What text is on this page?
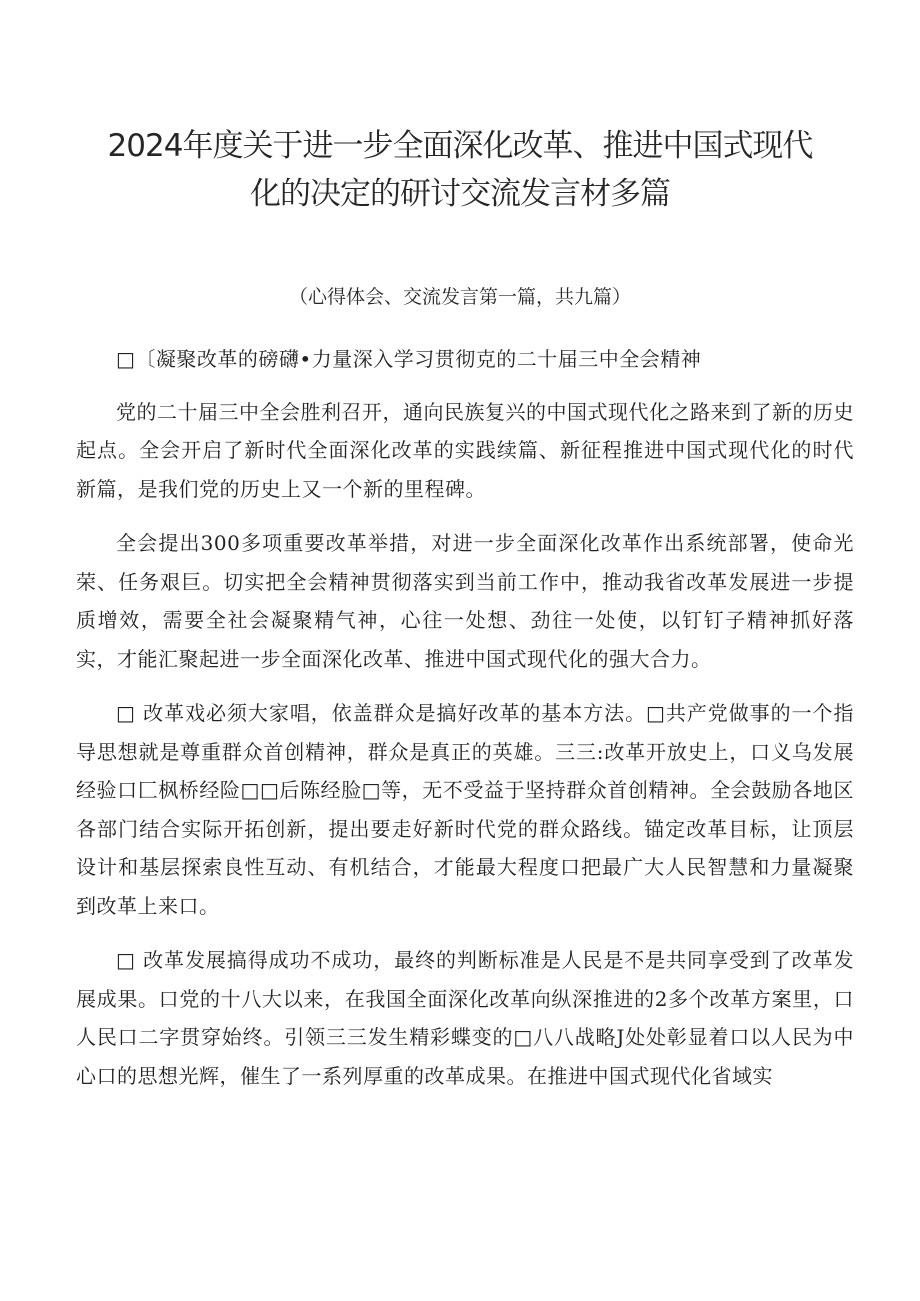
2024年度关于进一步全面深化改革、推进中国式现代
化的决定的研讨交流发言材多篇

（心得体会、交流发言第一篇，共九篇）

□〔凝聚改革的磅礴•力量深入学习贯彻克的二十届三中全会精神

党的二十届三中全会胜利召开，通向民族复兴的中国式现代化之路来到了新的历史起点。全会开启了新时代全面深化改革的实践续篇、新征程推进中国式现代化的时代新篇，是我们党的历史上又一个新的里程碑。

全会提出300多项重要改革举措，对进一步全面深化改革作出系统部署，使命光荣、任务艰巨。切实把全会精神贯彻落实到当前工作中，推动我省改革发展进一步提质增效，需要全社会凝聚精气神，心往一处想、劲往一处使，以钉钉子精神抓好落实，才能汇聚起进一步全面深化改革、推进中国式现代化的强大合力。

□ 改革戏必须大家唱，依盖群众是搞好改革的基本方法。□共产党做事的一个指导思想就是尊重群众首创精神，群众是真正的英雄。三三:改革开放史上，口义乌发展经验口匚枫桥经险□□后陈经脸□等，无不受益于坚持群众首创精神。全会鼓励各地区各部门结合实际开拓创新，提出要走好新时代党的群众路线。锚定改革目标，让顶层设计和基层探索良性互动、有机结合，才能最大程度口把最广大人民智慧和力量凝聚到改革上来口。

□ 改革发展搞得成功不成功，最终的判断标准是人民是不是共同享受到了改革发展成果。口党的十八大以来，在我国全面深化改革向纵深推进的2多个改革方案里，口人民口二字贯穿始终。引领三三发生精彩蝶变的□八八战略J处处彰显着口以人民为中心口的思想光辉，催生了一系列厚重的改革成果。在推进中国式现代化省域实
